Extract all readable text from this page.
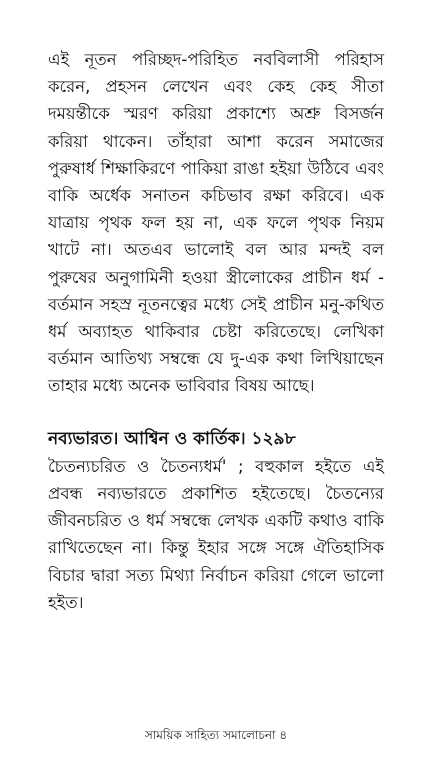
এই নূতন পরিচ্ছদ-পরিহিত নববিলাসী পরিহাস করেন, প্রহসন লেখেন এবং কেহ কেহ সীতা দময়ন্তীকে স্মরণ করিয়া প্রকাশ্যে অশ্রু বিসর্জন করিয়া থাকেন। তাঁহারা আশা করেন সমাজের পুরুষার্ধ শিক্ষাকিরণে পাকিয়া রাঙা হইয়া উঠিবে এবং বাকি অর্ধেক সনাতন কচিভাব রক্ষা করিবে। এক যাত্রায় পৃথক ফল হয় না, এক ফলে পৃথক নিয়ম খাটে না। অতএব ভালোই বল আর মন্দই বল পুরুষের অনুগামিনী হওয়া স্ত্রীলোকের প্রাচীন ধর্ম - বর্তমান সহস্র নূতনত্বের মধ্যে সেই প্রাচীন মনু-কথিত ধর্ম অব্যাহত থাকিবার চেষ্টা করিতেছে। লেখিকা বর্তমান আতিথ্য সম্বন্ধে যে দু-এক কথা লিখিয়াছেন তাহার মধ্যে অনেক ভাবিবার বিষয় আছে।

নব্যভারত। আশ্বিন ও কার্তিক। ১২৯৮

চৈতন্যচরিত ও চৈতন্যধর্ম' ; বহুকাল হইতে এই প্রবন্ধ নব্যভারতে প্রকাশিত হইতেছে। চৈতন্যের জীবনচরিত ও ধর্ম সম্বন্ধে লেখক একটি কথাও বাকি রাখিতেছেন না। কিন্তু ইহার সঙ্গে সঙ্গে ঐতিহাসিক বিচার দ্বারা সত্য মিথ্যা নির্বাচন করিয়া গেলে ভালো হইত।

সাময়িক সাহিত্য সমালোচনা ৪
